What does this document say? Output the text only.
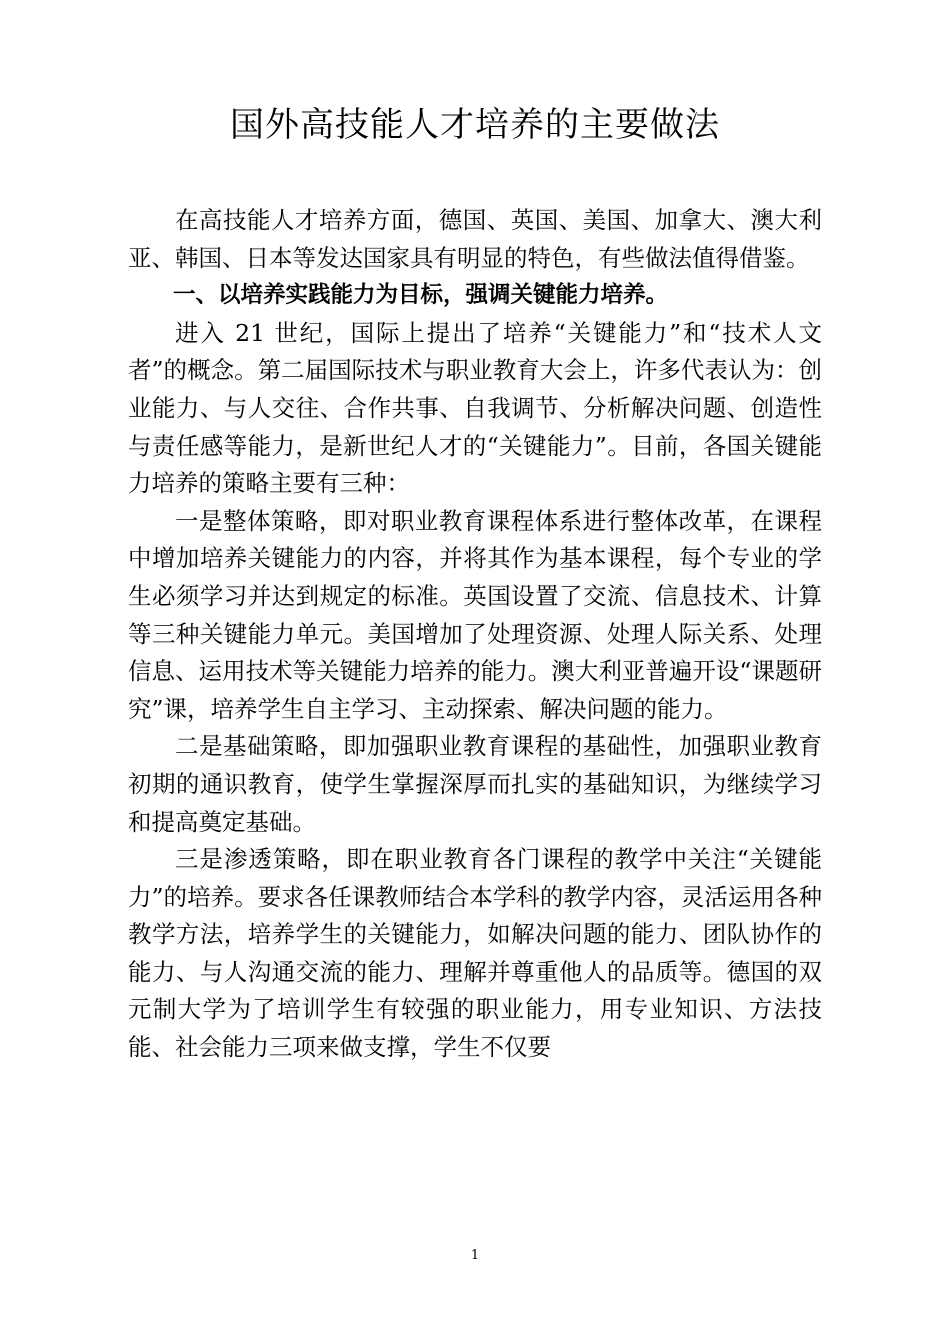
国外高技能人才培养的主要做法

在高技能人才培养方面，德国、英国、美国、加拿大、澳大利亚、韩国、日本等发达国家具有明显的特色，有些做法值得借鉴。

一、以培养实践能力为目标，强调关键能力培养。

进入 21 世纪，国际上提出了培养“关键能力”和“技术人文者”的概念。第二届国际技术与职业教育大会上，许多代表认为：创业能力、与人交往、合作共事、自我调节、分析解决问题、创造性与责任感等能力，是新世纪人才的“关键能力”。目前，各国关键能力培养的策略主要有三种：

一是整体策略，即对职业教育课程体系进行整体改革，在课程中增加培养关键能力的内容，并将其作为基本课程，每个专业的学生必须学习并达到规定的标准。英国设置了交流、信息技术、计算等三种关键能力单元。美国增加了处理资源、处理人际关系、处理信息、运用技术等关键能力培养的能力。澳大利亚普遍开设“课题研究”课，培养学生自主学习、主动探索、解决问题的能力。

二是基础策略，即加强职业教育课程的基础性，加强职业教育初期的通识教育，使学生掌握深厚而扎实的基础知识，为继续学习和提高奠定基础。

三是渗透策略，即在职业教育各门课程的教学中关注“关键能力”的培养。要求各任课教师结合本学科的教学内容，灵活运用各种教学方法，培养学生的关键能力，如解决问题的能力、团队协作的能力、与人沟通交流的能力、理解并尊重他人的品质等。德国的双元制大学为了培训学生有较强的职业能力，用专业知识、方法技能、社会能力三项来做支撑，学生不仅要

1
